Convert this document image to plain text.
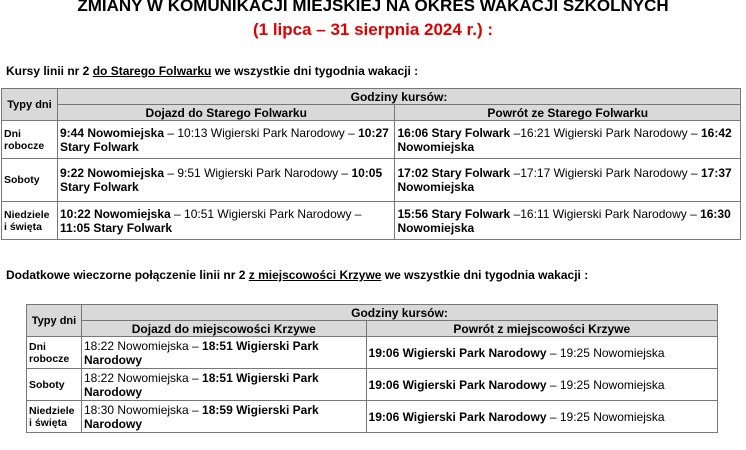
ZMIANY W KOMUNIKACJI MIEJSKIEJ NA OKRES WAKACJI SZKOLNYCH
(1 lipca – 31 sierpnia 2024 r.) :
Kursy linii nr 2 do Starego Folwarku we wszystkie dni tygodnia wakacji :
Typy dni	Godziny kursów:	
	Dojazd do Starego Folwarku	Powrót ze Starego Folwarku
Dni robocze	9:44 Nowomiejska – 10:13 Wigierski Park Narodowy – 10:27 Stary Folwark	16:06 Stary Folwark –16:21 Wigierski Park Narodowy – 16:42 Nowomiejska
Soboty	9:22 Nowomiejska – 9:51 Wigierski Park Narodowy – 10:05 Stary Folwark	17:02 Stary Folwark –17:17 Wigierski Park Narodowy – 17:37 Nowomiejska
Niedziele i święta	10:22 Nowomiejska – 10:51 Wigierski Park Narodowy – 11:05 Stary Folwark	15:56 Stary Folwark –16:11 Wigierski Park Narodowy – 16:30 Nowomiejska
Dodatkowe wieczorne połączenie linii nr 2 z miejscowości Krzywe we wszystkie dni tygodnia wakacji :
Typy dni	Godziny kursów:	
	Dojazd do miejscowości Krzywe	Powrót z miejscowości Krzywe
Dni robocze	18:22 Nowomiejska – 18:51 Wigierski Park Narodowy	19:06 Wigierski Park Narodowy – 19:25 Nowomiejska
Soboty	18:22 Nowomiejska – 18:51 Wigierski Park Narodowy	19:06 Wigierski Park Narodowy – 19:25 Nowomiejska
Niedziele i święta	18:30 Nowomiejska – 18:59 Wigierski Park Narodowy	19:06 Wigierski Park Narodowy – 19:25 Nowomiejska
